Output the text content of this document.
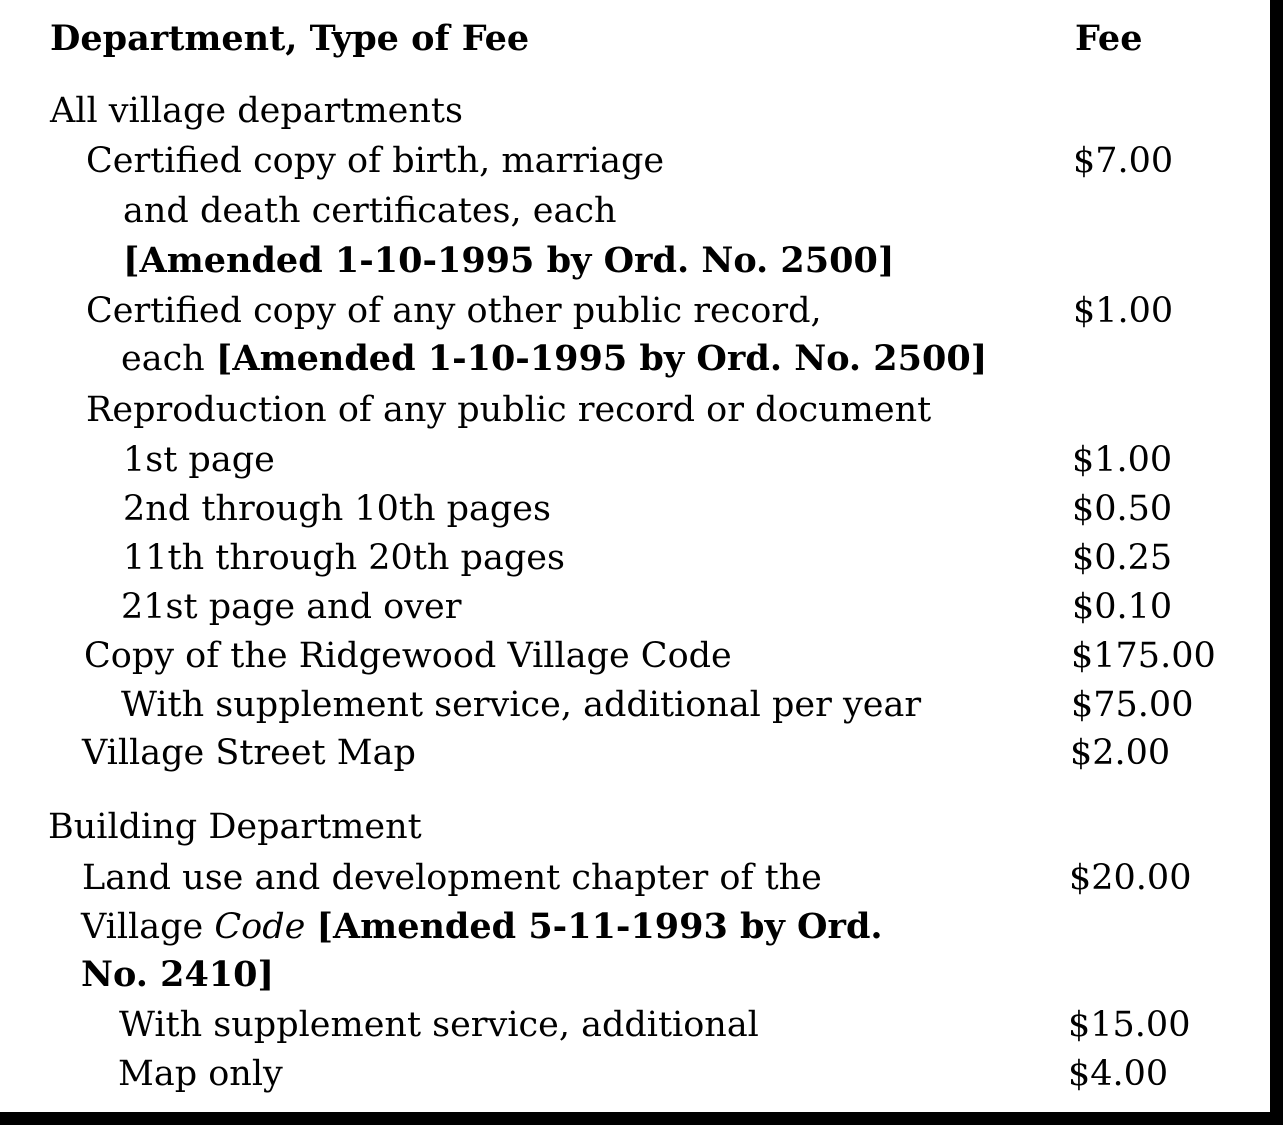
Department, Type of Fee	Fee
All village departments
Certified copy of birth, marriage	$7.00
and death certificates, each
[Amended 1-10-1995 by Ord. No. 2500]
Certified copy of any other public record,	$1.00
each [Amended 1-10-1995 by Ord. No. 2500]
Reproduction of any public record or document
1st page	$1.00
2nd through 10th pages	$0.50
11th through 20th pages	$0.25
21st page and over	$0.10
Copy of the Ridgewood Village Code	$175.00
With supplement service, additional per year	$75.00
Village Street Map	$2.00
Building Department
Land use and development chapter of the	$20.00
Village Code [Amended 5-11-1993 by Ord.
No. 2410]
With supplement service, additional	$15.00
Map only	$4.00
